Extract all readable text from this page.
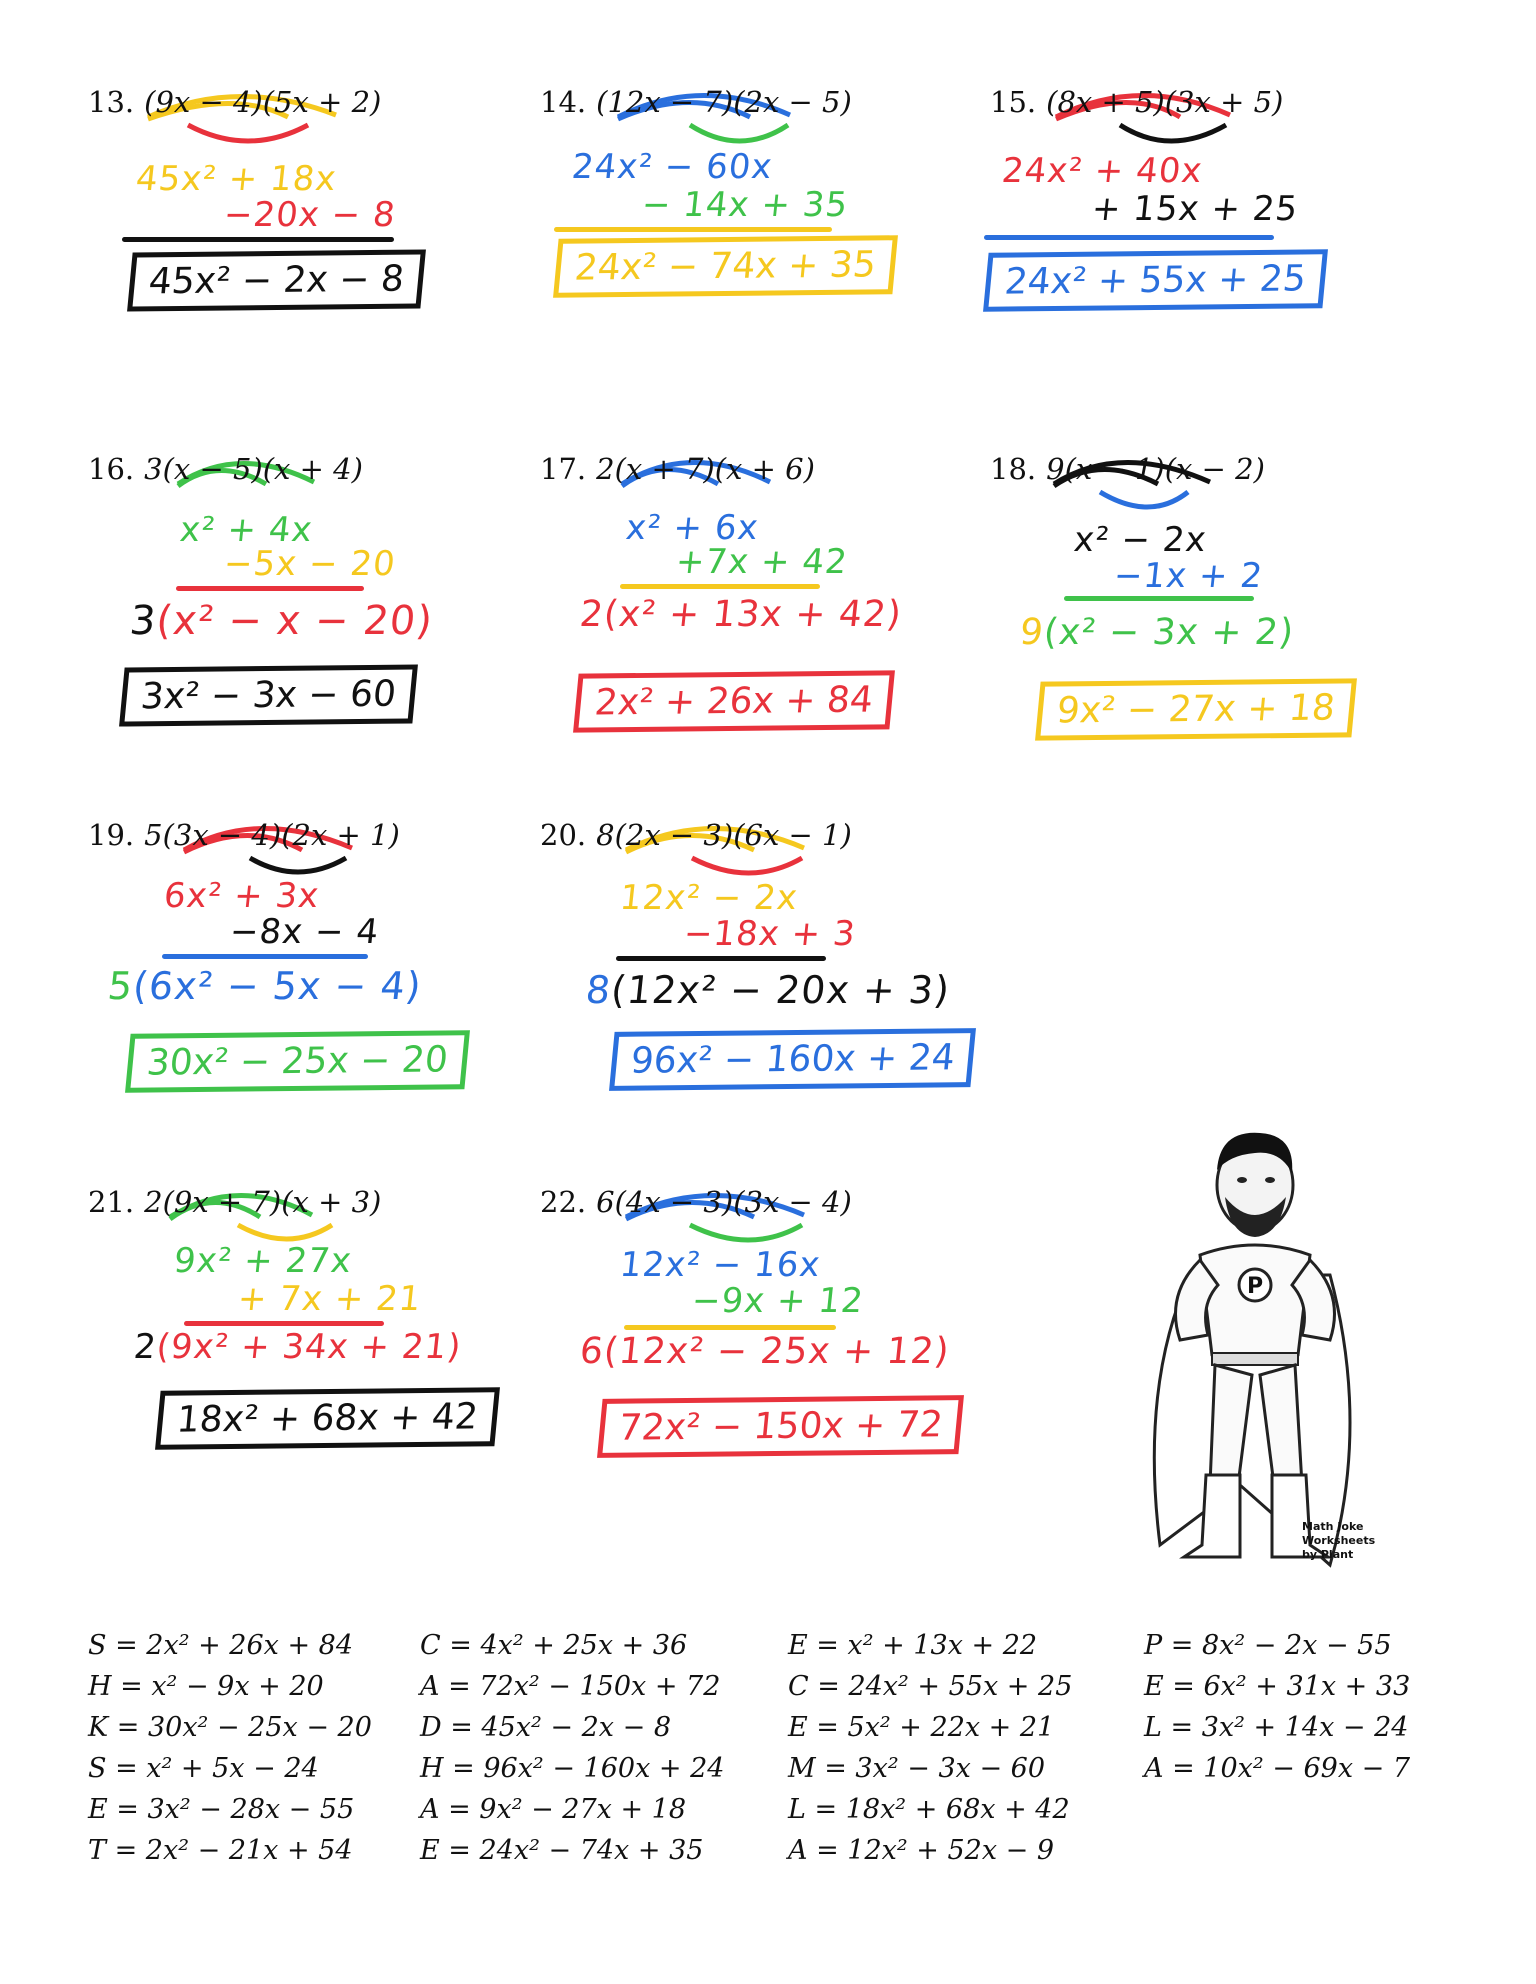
13. (9x − 4)(5x + 2)
45x² + 18x
−20x − 8
45x² − 2x − 8
14. (12x − 7)(2x − 5)
24x² − 60x
− 14x + 35
24x² − 74x + 35
15. (8x + 5)(3x + 5)
24x² + 40x
+ 15x + 25
24x² + 55x + 25
16. 3(x − 5)(x + 4)
x² + 4x
−5x − 20
3(x² − x − 20)
3x² − 3x − 60
17. 2(x + 7)(x + 6)
x² + 6x
+7x + 42
2(x² + 13x + 42)
2x² + 26x + 84
18. 9(x − 1)(x − 2)
x² − 2x
−1x + 2
9(x² − 3x + 2)
9x² − 27x + 18
19. 5(3x − 4)(2x + 1)
6x² + 3x
−8x − 4
5(6x² − 5x − 4)
30x² − 25x − 20
20. 8(2x − 3)(6x − 1)
12x² − 2x
−18x + 3
8(12x² − 20x + 3)
96x² − 160x + 24
21. 2(9x + 7)(x + 3)
9x² + 27x
+ 7x + 21
2(9x² + 34x + 21)
18x² + 68x + 42
22. 6(4x − 3)(3x − 4)
12x² − 16x
−9x + 12
6(12x² − 25x + 12)
72x² − 150x + 72
P
Math Joke
Worksheets
by Plant
S = 2x² + 26x + 84
H = x² − 9x + 20
K = 30x² − 25x − 20
S = x² + 5x − 24
E = 3x² − 28x − 55
T = 2x² − 21x + 54
C = 4x² + 25x + 36
A = 72x² − 150x + 72
D = 45x² − 2x − 8
H = 96x² − 160x + 24
A = 9x² − 27x + 18
E = 24x² − 74x + 35
E = x² + 13x + 22
C = 24x² + 55x + 25
E = 5x² + 22x + 21
M = 3x² − 3x − 60
L = 18x² + 68x + 42
A = 12x² + 52x − 9
P = 8x² − 2x − 55
E = 6x² + 31x + 33
L = 3x² + 14x − 24
A = 10x² − 69x − 7
